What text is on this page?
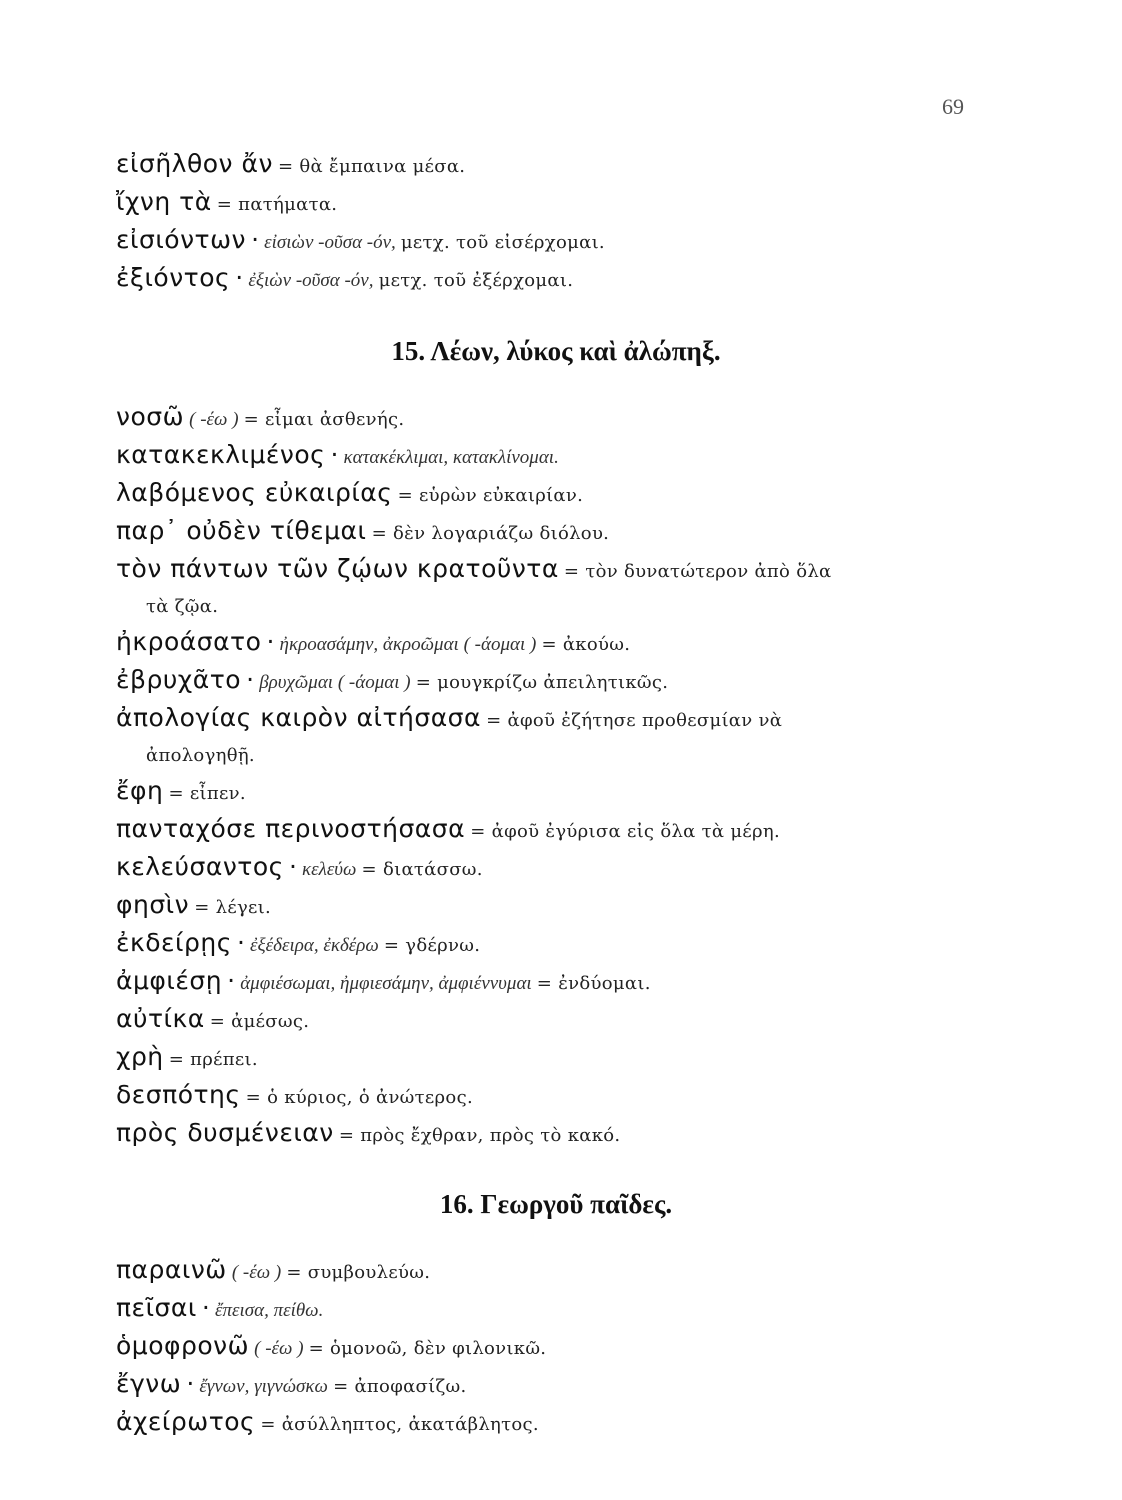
69
εἰσῆλθον ἄν = θὰ ἔμπαινα μέσα.
ἴχνη τὰ = πατήματα.
εἰσιόντων · εἰσιὼν -οῦσα -όν, μετχ. τοῦ εἰσέρχομαι.
ἐξιόντος · ἐξιὼν -οῦσα -όν, μετχ. τοῦ ἐξέρχομαι.
15. Λέων, λύκος καὶ ἀλώπηξ.
νοσῶ ( -έω ) = εἶμαι ἀσθενής.
κατακεκλιμένος · κατακέκλιμαι, κατακλίνομαι.
λαβόμενος εὐκαιρίας = εὑρὼν εὐκαιρίαν.
παρ᾽ οὐδὲν τίθεμαι = δὲν λογαριάζω διόλου.
τὸν πάντων τῶν ζῴων κρατοῦντα = τὸν δυνατώτερον ἀπὸ ὅλα
τὰ ζῷα.
ἠκροάσατο · ἠκροασάμην, ἀκροῶμαι ( -άομαι ) = ἀκούω.
ἐβρυχᾶτο · βρυχῶμαι ( -άομαι ) = μουγκρίζω ἀπειλητικῶς.
ἀπολογίας καιρὸν αἰτήσασα = ἀφοῦ ἐζήτησε προθεσμίαν νὰ
ἀπολογηθῇ.
ἔφη = εἶπεν.
πανταχόσε περινοστήσασα = ἀφοῦ ἐγύρισα εἰς ὅλα τὰ μέρη.
κελεύσαντος · κελεύω = διατάσσω.
φησὶν = λέγει.
ἐκδείρῃς · ἐξέδειρα, ἐκδέρω = γδέρνω.
ἀμφιέσῃ · ἀμφιέσωμαι, ἠμφιεσάμην, ἀμφιέννυμαι = ἐνδύομαι.
αὐτίκα = ἀμέσως.
χρὴ = πρέπει.
δεσπότης = ὁ κύριος, ὁ ἀνώτερος.
πρὸς δυσμένειαν = πρὸς ἔχθραν, πρὸς τὸ κακό.
16. Γεωργοῦ παῖδες.
παραινῶ ( -έω ) = συμβουλεύω.
πεῖσαι · ἔπεισα, πείθω.
ὁμοφρονῶ ( -έω ) = ὁμονοῶ, δὲν φιλονικῶ.
ἔγνω · ἔγνων, γιγνώσκω = ἀποφασίζω.
ἀχείρωτος = ἀσύλληπτος, ἀκατάβλητος.
